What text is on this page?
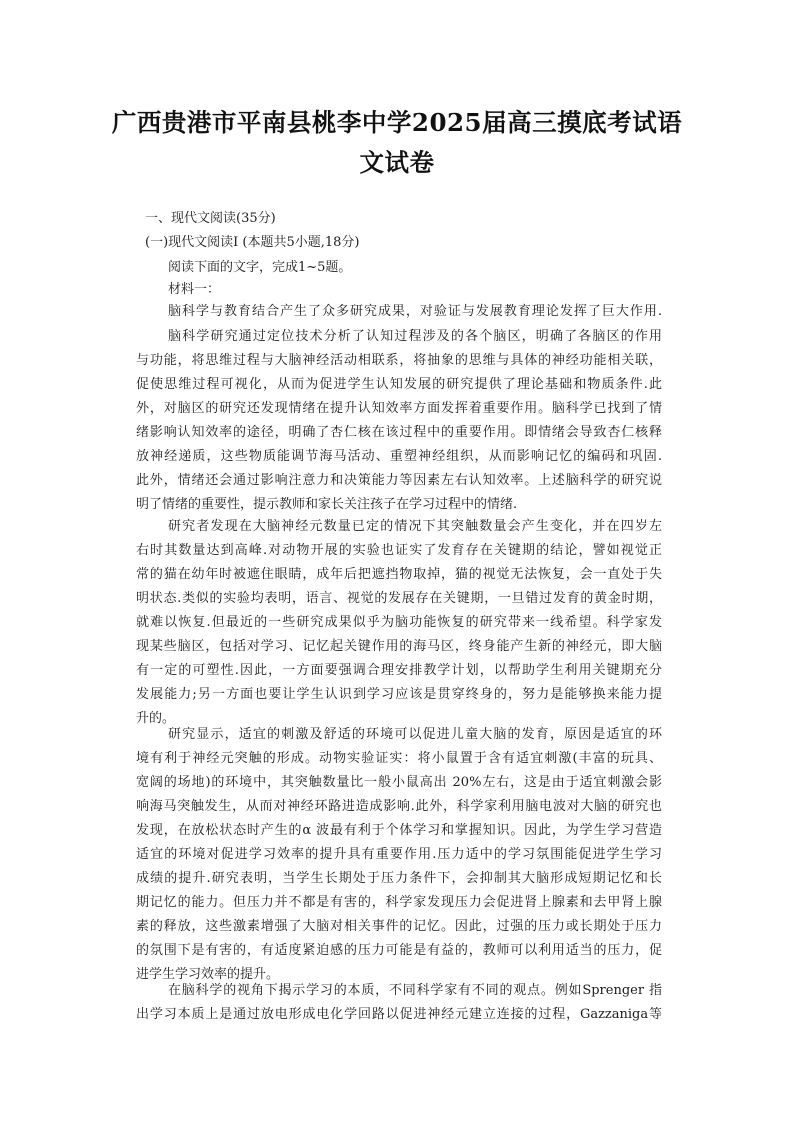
广西贵港市平南县桃李中学2025届高三摸底考试语
文试卷
一、现代文阅读(35分)
(一)现代文阅读Ⅰ (本题共5小题,18分)
阅读下面的文字，完成1~5题。
材料一：
脑科学与教育结合产生了众多研究成果，对验证与发展教育理论发挥了巨大作用.
脑科学研究通过定位技术分析了认知过程涉及的各个脑区，明确了各脑区的作用
与功能，将思维过程与大脑神经活动相联系，将抽象的思维与具体的神经功能相关联，
促使思维过程可视化，从而为促进学生认知发展的研究提供了理论基础和物质条件.此
外，对脑区的研究还发现情绪在提升认知效率方面发挥着重要作用。脑科学已找到了情
绪影响认知效率的途径，明确了杏仁核在该过程中的重要作用。即情绪会导致杏仁核释
放神经递质，这些物质能调节海马活动、重塑神经组织，从而影响记忆的编码和巩固.
此外，情绪还会通过影响注意力和决策能力等因素左右认知效率。上述脑科学的研究说
明了情绪的重要性，提示教师和家长关注孩子在学习过程中的情绪.
研究者发现在大脑神经元数量已定的情况下其突触数量会产生变化，并在四岁左
右时其数量达到高峰.对动物开展的实验也证实了发育存在关键期的结论，譬如视觉正
常的猫在幼年时被遮住眼睛，成年后把遮挡物取掉，猫的视觉无法恢复，会一直处于失
明状态.类似的实验均表明，语言、视觉的发展存在关键期，一旦错过发育的黄金时期，
就难以恢复.但最近的一些研究成果似乎为脑功能恢复的研究带来一线希望。科学家发
现某些脑区，包括对学习、记忆起关键作用的海马区，终身能产生新的神经元，即大脑
有一定的可塑性.因此，一方面要强调合理安排教学计划，以帮助学生利用关键期充分
发展能力;另一方面也要让学生认识到学习应该是贯穿终身的，努力是能够换来能力提
升的。
研究显示，适宜的刺激及舒适的环境可以促进儿童大脑的发育，原因是适宜的环
境有利于神经元突触的形成。动物实验证实：将小鼠置于含有适宜刺激(丰富的玩具、
宽阔的场地)的环境中，其突触数量比一般小鼠高出 20%左右，这是由于适宜刺激会影
响海马突触发生，从而对神经环路进造成影响.此外，科学家利用脑电波对大脑的研究也
发现，在放松状态时产生的α 波最有利于个体学习和掌握知识。因此，为学生学习营造
适宜的环境对促进学习效率的提升具有重要作用.压力适中的学习氛围能促进学生学习
成绩的提升.研究表明，当学生长期处于压力条件下，会抑制其大脑形成短期记忆和长
期记忆的能力。但压力并不都是有害的，科学家发现压力会促进肾上腺素和去甲肾上腺
素的释放，这些激素增强了大脑对相关事件的记忆。因此，过强的压力或长期处于压力
的氛围下是有害的，有适度紧迫感的压力可能是有益的，教师可以利用适当的压力，促
进学生学习效率的提升。
在脑科学的视角下揭示学习的本质，不同科学家有不同的观点。例如Sprenger 指
出学习本质上是通过放电形成电化学回路以促进神经元建立连接的过程，Gazzaniga等
